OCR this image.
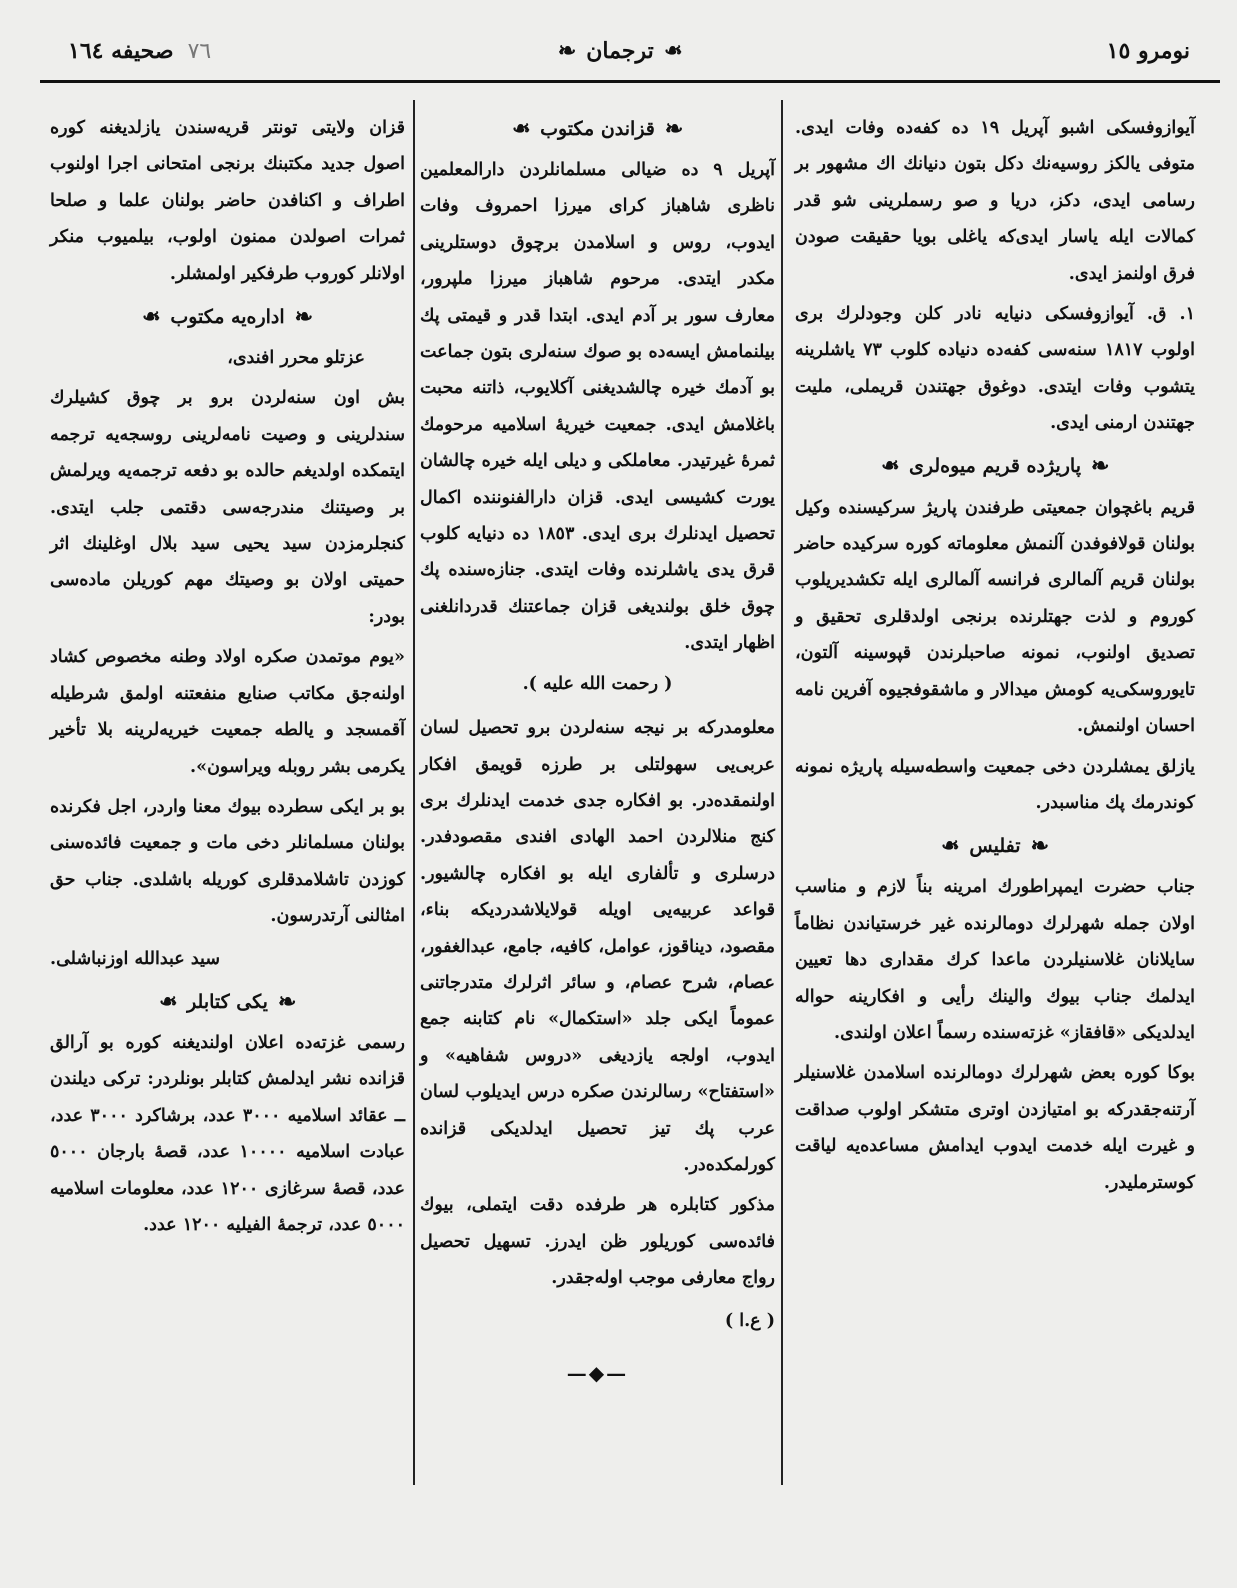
نومرو ١٥
❧ترجمان❧
٧٦صحیفه ١٦٤

آیوازوفسکی اشبو آپریل ١٩ ده کفه‌ده وفات ایدی. متوفی یالکز روسیه‌نك دکل بتون دنیانك اك مشهور بر رسامی ایدی، دکز، دریا و صو رسملرینی شو قدر کمالات ایله یاسار ایدی‌که یاغلی بویا حقیقت صودن فرق اولنمز ایدی.

١. ق. آیوازوفسکی دنیایه نادر کلن وجودلرك بری اولوب ١٨١٧ سنه‌سی کفه‌ده دنیاده کلوب ٧٣ یاشلرینه یتشوب وفات ایتدی. دوغوق جهتندن قریملی، ملیت جهتندن ارمنی ایدی.

❧
پاریژده قریم میوه‌لری
❧

قریم باغچوان جمعیتی طرفندن پاریژ سرکیسنده وکیل بولنان قولافوفدن آلنمش معلوماته کوره سرکیده حاضر بولنان قریم آلمالری فرانسه آلمالری ایله تکشدیریلوب کوروم و لذت جهتلرنده برنجی اولدقلری تحقیق و تصدیق اولنوب، نمونه صاحبلرندن قپوسینه آلتون، تایوروسکی‌یه کومش میدالار و ماشقوفجیوه آفرین نامه احسان اولنمش.

یازلق یمشلردن دخی جمعیت واسطه‌سیله پاریژه نمونه کوندرمك پك مناسبدر.

❧
تفلیس
❧

جناب حضرت ایمپراطورك امرینه بناً لازم و مناسب اولان جمله شهرلرك دومالرنده غیر خرستیاندن نظاماً سایلانان غلاسنیلردن ماعدا کرك مقداری دها تعیین ایدلمك جناب بیوك والینك رأیی و افکارینه حواله ایدلدیکی «قافقاز» غزته‌سنده رسماً اعلان اولندی.

بوکا کوره بعض شهرلرك دومالرنده اسلامدن غلاسنیلر آرتنه‌جقدرکه بو امتیازدن اوتری متشکر اولوب صداقت و غیرت ایله خدمت ایدوب ایدامش مساعده‌یه لیاقت کوسترملیدر.

❧
قزاندن مکتوب
❧

آپریل ٩ ده ضیالی مسلمانلردن دارالمعلمین ناظری شاهباز کرای میرزا احمروف وفات ایدوب، روس و اسلامدن برچوق دوستلرینی مکدر ایتدی. مرحوم شاهباز میرزا ملپرور، معارف سور بر آدم ایدی. ابتدا قدر و قیمتی پك بیلنمامش ایسه‌ده بو صوك سنه‌لری بتون جماعت بو آدمك خیره چالشدیغنی آکلایوب، ذاتنه محبت باغلامش ایدی. جمعیت خیریهٔ اسلامیه مرحومك ثمرهٔ غیرتیدر. معاملکی و دیلی ایله خیره چالشان یورت کشیسی ایدی. قزان دارالفنوننده اکمال تحصیل ایدنلرك بری ایدی. ١٨٥٣ ده دنیایه کلوب قرق یدی یاشلرنده وفات ایتدی. جنازه‌سنده پك چوق خلق بولندیغی قزان جماعتنك قدردانلغنی اظهار ایتدی.

( رحمت الله علیه ).

معلومدرکه بر نیجه سنه‌لردن برو تحصیل لسان عربی‌یی سهولتلی بر طرزه قویمق افکار اولنمقده‌در. بو افکاره جدی خدمت ایدنلرك بری کنج منلالردن احمد الهادی افندی مقصودفدر. درسلری و تألفاری ایله بو افکاره چالشیور. قواعد عربیه‌یی اویله قولایلاشدردیکه بناء، مقصود، دیناقوز، عوامل، کافیه، جامع، عبدالغفور، عصام، شرح عصام، و سائر اثرلرك متدرجاتنی عموماً ایکی جلد «استکمال» نام کتابنه جمع ایدوب، اولجه یازدیغی «دروس شفاهیه» و «استفتاح» رسالرندن صکره درس ایدیلوب لسان عرب پك تیز تحصیل ایدلدیکی قزانده کورلمکده‌در.

مذکور کتابلره هر طرفده دقت ایتملی، بیوك فائده‌سی کوریلور ظن ایدرز. تسهیل تحصیل رواج معارفی موجب اوله‌جقدر.

( ع.ا )

—◆—

قزان ولایتی تونتر قریه‌سندن یازلدیغنه کوره اصول جدید مکتبنك برنجی امتحانی اجرا اولنوب اطراف و اکنافدن حاضر بولنان علما و صلحا ثمرات اصولدن ممنون اولوب، بیلمیوب منکر اولانلر کوروب طرفکیر اولمشلر.

❧
اداره‌یه مکتوب
❧

عزتلو محرر افندی،

بش اون سنه‌لردن برو بر چوق کشیلرك سندلرینی و وصیت نامه‌لرینی روسجه‌یه ترجمه ایتمکده اولدیغم حالده بو دفعه ترجمه‌یه ویرلمش بر وصیتنك مندرجه‌سی دقتمی جلب ایتدی. کنجلرمزدن سید یحیی سید بلال اوغلینك اثر حمیتی اولان بو وصیتك مهم کوریلن ماده‌سی بودر:

«یوم موتمدن صکره اولاد وطنه مخصوص کشاد اولنه‌جق مکاتب صنایع منفعتنه اولمق شرطیله آقمسجد و یالطه جمعیت خیریه‌لرینه بلا تأخیر یکرمی بشر روبله ویراسون».

بو بر ایکی سطرده بیوك معنا واردر، اجل فکرنده بولنان مسلمانلر دخی مات و جمعیت فائده‌سنی کوزدن تاشلامدقلری کوریله باشلدی. جناب حق امثالنی آرتدرسون.

سید عبدالله اوزنباشلی.

❧
یکی کتابلر
❧

رسمی غزته‌ده اعلان اولندیغنه کوره بو آرالق قزانده نشر ایدلمش کتابلر بونلردر: ترکی دیلندن ــ عقائد اسلامیه ٣٠٠٠ عدد، برشاکرد ٣٠٠٠ عدد، عبادت اسلامیه ١٠٠٠٠ عدد، قصهٔ بارجان ٥٠٠٠ عدد، قصهٔ سرغازی ١٢٠٠ عدد، معلومات اسلامیه ٥٠٠٠ عدد، ترجمهٔ الفیلیه ١٢٠٠ عدد.
